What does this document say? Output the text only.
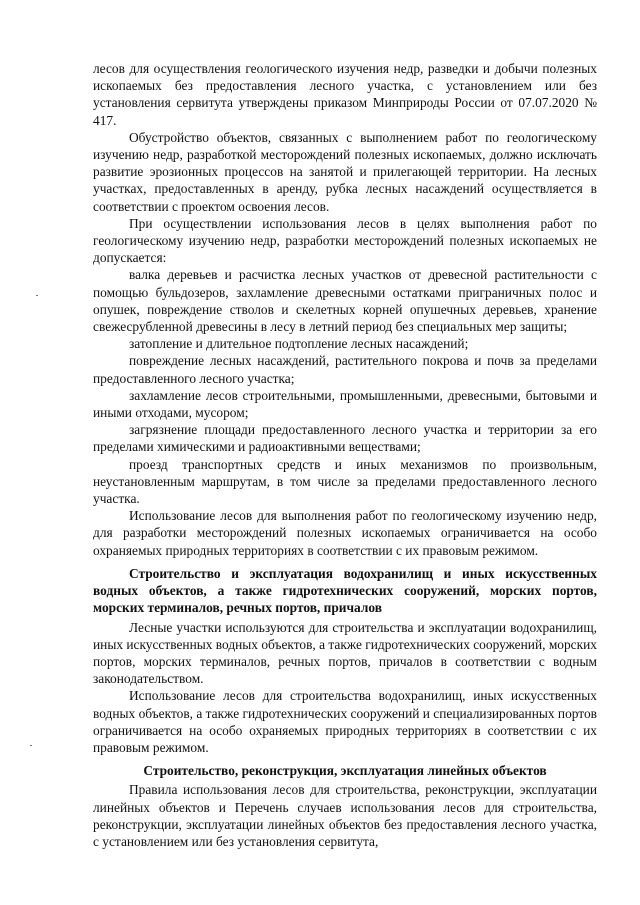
лесов для осуществления геологического изучения недр, разведки и добычи полезных ископаемых без предоставления лесного участка, с установлением или без установления сервитута утверждены приказом Минприроды России от 07.07.2020 № 417.

Обустройство объектов, связанных с выполнением работ по геологическому изучению недр, разработкой месторождений полезных ископаемых, должно исключать развитие эрозионных процессов на занятой и прилегающей территории. На лесных участках, предоставленных в аренду, рубка лесных насаждений осуществляется в соответствии с проектом освоения лесов.

При осуществлении использования лесов в целях выполнения работ по геологическому изучению недр, разработки месторождений полезных ископаемых не допускается:

валка деревьев и расчистка лесных участков от древесной растительности с помощью бульдозеров, захламление древесными остатками приграничных полос и опушек, повреждение стволов и скелетных корней опушечных деревьев, хранение свежесрубленной древесины в лесу в летний период без специальных мер защиты;

затопление и длительное подтопление лесных насаждений;

повреждение лесных насаждений, растительного покрова и почв за пределами предоставленного лесного участка;

захламление лесов строительными, промышленными, древесными, бытовыми и иными отходами, мусором;

загрязнение площади предоставленного лесного участка и территории за его пределами химическими и радиоактивными веществами;

проезд транспортных средств и иных механизмов по произвольным, неустановленным маршрутам, в том числе за пределами предоставленного лесного участка.

Использование лесов для выполнения работ по геологическому изучению недр, для разработки месторождений полезных ископаемых ограничивается на особо охраняемых природных территориях в соответствии с их правовым режимом.

Строительство и эксплуатация водохранилищ и иных искусственных водных объектов, а также гидротехнических сооружений, морских портов, морских терминалов, речных портов, причалов

Лесные участки используются для строительства и эксплуатации водохранилищ, иных искусственных водных объектов, а также гидротехнических сооружений, морских портов, морских терминалов, речных портов, причалов в соответствии с водным законодательством.

Использование лесов для строительства водохранилищ, иных искусственных водных объектов, а также гидротехнических сооружений и специализированных портов ограничивается на особо охраняемых природных территориях в соответствии с их правовым режимом.

Строительство, реконструкция, эксплуатация линейных объектов

Правила использования лесов для строительства, реконструкции, эксплуатации линейных объектов и Перечень случаев использования лесов для строительства, реконструкции, эксплуатации линейных объектов без предоставления лесного участка, с установлением или без установления сервитута,
